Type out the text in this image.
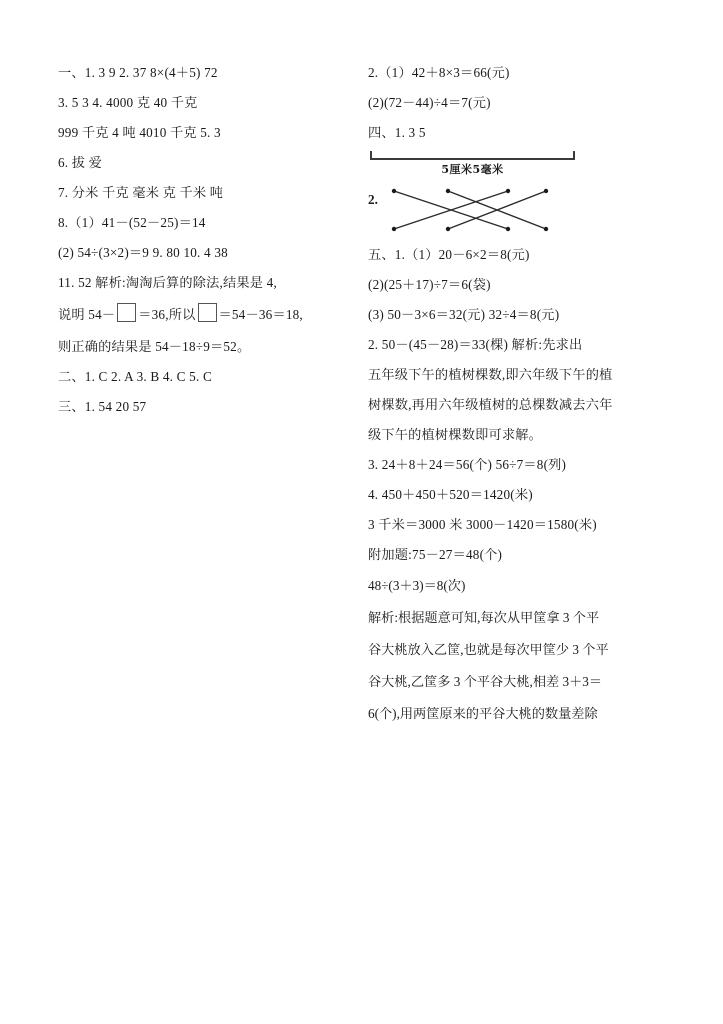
一、1. 3 9 2. 37 8×(4＋5) 72
3. 5 3 4. 4000 克 40 千克
999 千克 4 吨 4010 千克 5. 3
6. 拔 爱
7. 分米 千克 毫米 克 千米 吨
8.（1）41－(52－25)＝14
(2) 54÷(3×2)＝9 9. 80 10. 4 38
11. 52 解析:淘淘后算的除法,结果是 4,
说明 54－ ＝36,所以 ＝54－36＝18,
则正确的结果是 54－18÷9＝52。
二、1. C 2. A 3. B 4. C 5. C
三、1. 54 20 57
2.（1）42＋8×3＝66(元)
(2)(72－44)÷4＝7(元)
四、1. 3 5
5厘米5毫米
2.
五、1.（1）20－6×2＝8(元)
(2)(25＋17)÷7＝6(袋)
(3) 50－3×6＝32(元) 32÷4＝8(元)
2. 50－(45－28)＝33(棵) 解析:先求出
五年级下午的植树棵数,即六年级下午的植
树棵数,再用六年级植树的总棵数减去六年
级下午的植树棵数即可求解。
3. 24＋8＋24＝56(个) 56÷7＝8(列)
4. 450＋450＋520＝1420(米)
3 千米＝3000 米 3000－1420＝1580(米)
附加题:75－27＝48(个)
48÷(3＋3)＝8(次)
解析:根据题意可知,每次从甲筐拿 3 个平
谷大桃放入乙筐,也就是每次甲筐少 3 个平
谷大桃,乙筐多 3 个平谷大桃,相差 3＋3＝
6(个),用两筐原来的平谷大桃的数量差除
